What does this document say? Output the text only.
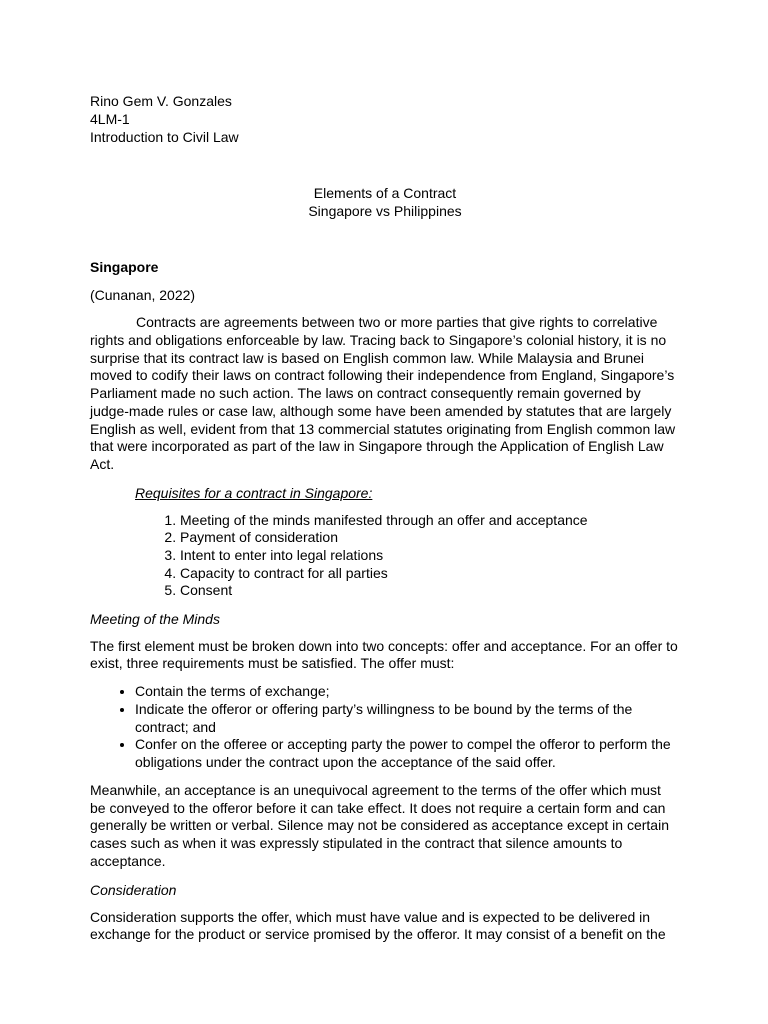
Rino Gem V. Gonzales
4LM-1
Introduction to Civil Law
Elements of a Contract
Singapore vs Philippines
Singapore
(Cunanan, 2022)

Contracts are agreements between two or more parties that give rights to correlative rights and obligations enforceable by law. Tracing back to Singapore’s colonial history, it is no surprise that its contract law is based on English common law. While Malaysia and Brunei moved to codify their laws on contract following their independence from England, Singapore’s Parliament made no such action. The laws on contract consequently remain governed by judge-made rules or case law, although some have been amended by statutes that are largely English as well, evident from that 13 commercial statutes originating from English common law that were incorporated as part of the law in Singapore through the Application of English Law Act.

Requisites for a contract in Singapore:
1. Meeting of the minds manifested through an offer and acceptance
2. Payment of consideration
3. Intent to enter into legal relations
4. Capacity to contract for all parties
5. Consent
Meeting of the Minds

The first element must be broken down into two concepts: offer and acceptance. For an offer to exist, three requirements must be satisfied. The offer must:

• Contain the terms of exchange;
• Indicate the offeror or offering party’s willingness to be bound by the terms of the contract; and
• Confer on the offeree or accepting party the power to compel the offeror to perform the obligations under the contract upon the acceptance of the said offer.

Meanwhile, an acceptance is an unequivocal agreement to the terms of the offer which must be conveyed to the offeror before it can take effect. It does not require a certain form and can generally be written or verbal. Silence may not be considered as acceptance except in certain cases such as when it was expressly stipulated in the contract that silence amounts to acceptance.

Consideration

Consideration supports the offer, which must have value and is expected to be delivered in exchange for the product or service promised by the offeror. It may consist of a benefit on the
